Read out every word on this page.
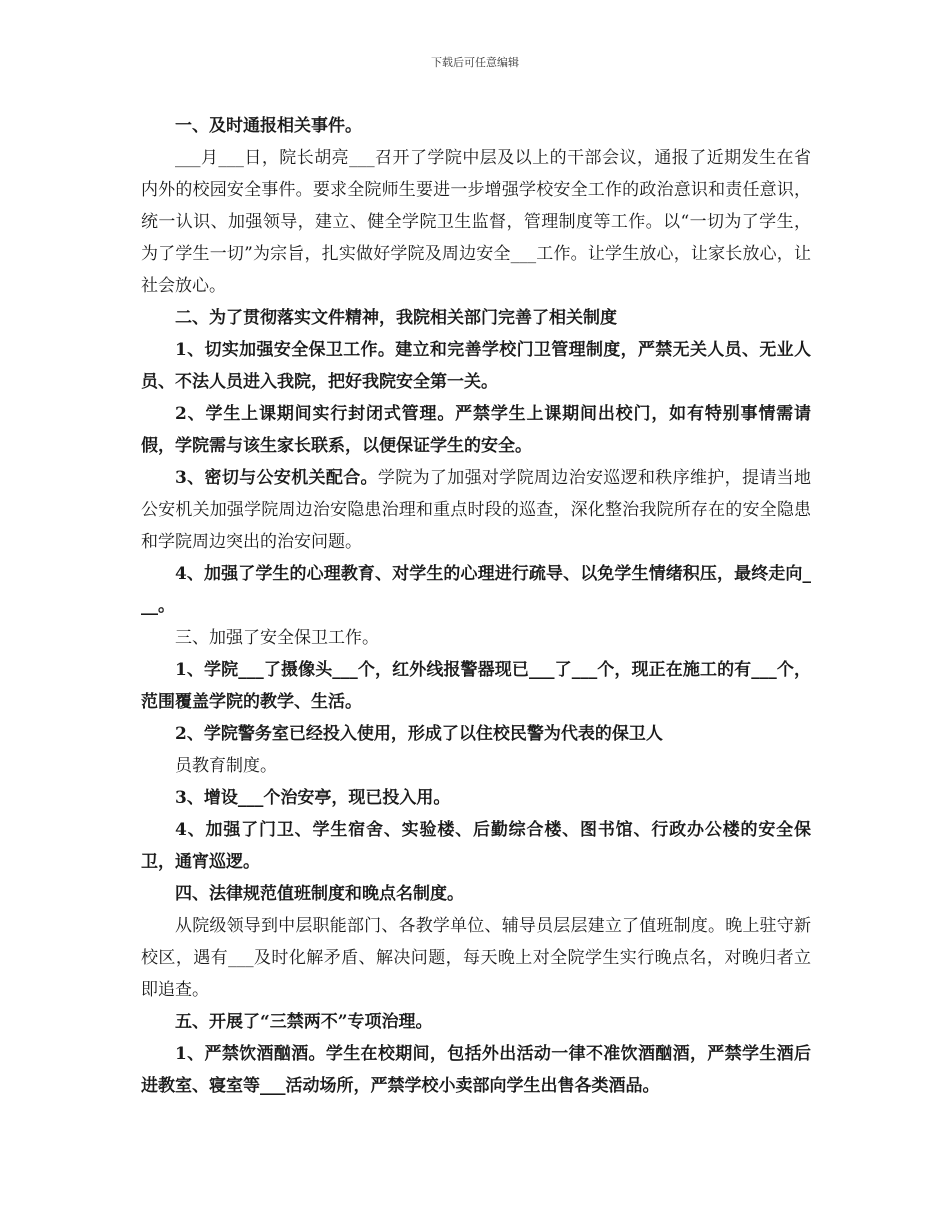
下载后可任意编辑

一、及时通报相关事件。

___月___日，院长胡亮___召开了学院中层及以上的干部会议，通报了近期发生在省内外的校园安全事件。要求全院师生要进一步增强学校安全工作的政治意识和责任意识，统一认识、加强领导，建立、健全学院卫生监督，管理制度等工作。以“一切为了学生，为了学生一切”为宗旨，扎实做好学院及周边安全___工作。让学生放心，让家长放心，让社会放心。

二、为了贯彻落实文件精神，我院相关部门完善了相关制度

1、切实加强安全保卫工作。建立和完善学校门卫管理制度，严禁无关人员、无业人员、不法人员进入我院，把好我院安全第一关。

2、学生上课期间实行封闭式管理。严禁学生上课期间出校门，如有特别事情需请假，学院需与该生家长联系，以便保证学生的安全。

3、密切与公安机关配合。学院为了加强对学院周边治安巡逻和秩序维护，提请当地公安机关加强学院周边治安隐患治理和重点时段的巡查，深化整治我院所存在的安全隐患和学院周边突出的治安问题。

4、加强了学生的心理教育、对学生的心理进行疏导、以免学生情绪积压，最终走向___。

三、加强了安全保卫工作。

1、学院___了摄像头___个，红外线报警器现已___了___个，现正在施工的有___个，范围覆盖学院的教学、生活。

2、学院警务室已经投入使用，形成了以住校民警为代表的保卫人

员教育制度。

3、增设___个治安亭，现已投入用。

4、加强了门卫、学生宿舍、实验楼、后勤综合楼、图书馆、行政办公楼的安全保卫，通宵巡逻。

四、法律规范值班制度和晚点名制度。

从院级领导到中层职能部门、各教学单位、辅导员层层建立了值班制度。晚上驻守新校区，遇有___及时化解矛盾、解决问题，每天晚上对全院学生实行晚点名，对晚归者立即追查。

五、开展了“三禁两不”专项治理。

1、严禁饮酒酗酒。学生在校期间，包括外出活动一律不准饮酒酗酒，严禁学生酒后进教室、寝室等___活动场所，严禁学校小卖部向学生出售各类酒品。
